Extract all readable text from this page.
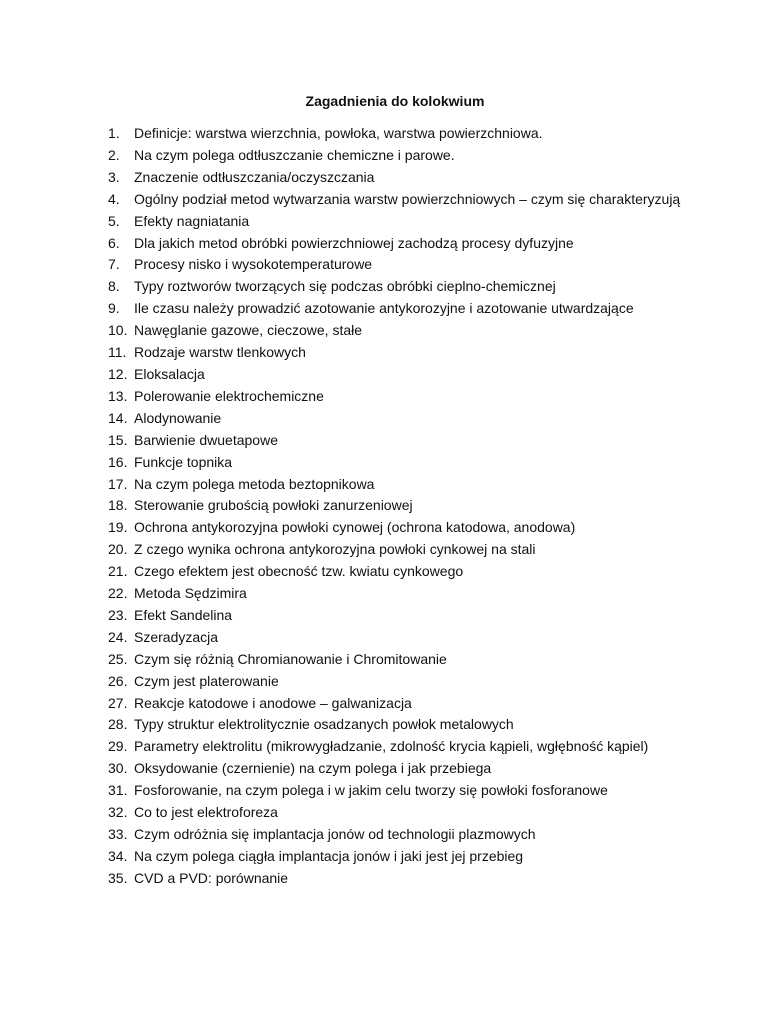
Zagadnienia do kolokwium
1.	Definicje: warstwa wierzchnia, powłoka, warstwa powierzchniowa.
2.	Na czym polega odtłuszczanie chemiczne i parowe.
3.	Znaczenie odtłuszczania/oczyszczania
4.	Ogólny podział metod wytwarzania warstw powierzchniowych – czym się charakteryzują
5.	Efekty nagniatania
6.	Dla jakich metod obróbki powierzchniowej zachodzą procesy dyfuzyjne
7.	Procesy nisko i wysokotemperaturowe
8.	Typy roztworów tworzących się podczas obróbki cieplno-chemicznej
9.	Ile czasu należy prowadzić azotowanie antykorozyjne i azotowanie utwardzające
10. Nawęglanie gazowe, cieczowe, stałe
11. Rodzaje warstw tlenkowych
12. Eloksalacja
13. Polerowanie elektrochemiczne
14. Alodynowanie
15. Barwienie dwuetapowe
16. Funkcje topnika
17. Na czym polega metoda beztopnikowa
18. Sterowanie grubością powłoki zanurzeniowej
19. Ochrona antykorozyjna powłoki cynowej (ochrona katodowa, anodowa)
20. Z czego wynika ochrona antykorozyjna powłoki cynkowej na stali
21. Czego efektem jest obecność tzw. kwiatu cynkowego
22. Metoda Sędzimira
23. Efekt Sandelina
24. Szeradyzacja
25. Czym się różnią Chromianowanie i Chromitowanie
26. Czym jest platerowanie
27. Reakcje katodowe i anodowe – galwanizacja
28. Typy struktur elektrolitycznie osadzanych powłok metalowych
29. Parametry elektrolitu (mikrowygładzanie, zdolność krycia kąpieli, wgłębność kąpiel)
30. Oksydowanie (czernienie) na czym polega i jak przebiega
31. Fosforowanie, na czym polega i w jakim celu tworzy się powłoki fosforanowe
32. Co to jest elektroforeza
33. Czym odróżnia się implantacja jonów od technologii plazmowych
34. Na czym polega ciągła implantacja jonów i jaki jest jej przebieg
35. CVD a PVD: porównanie
